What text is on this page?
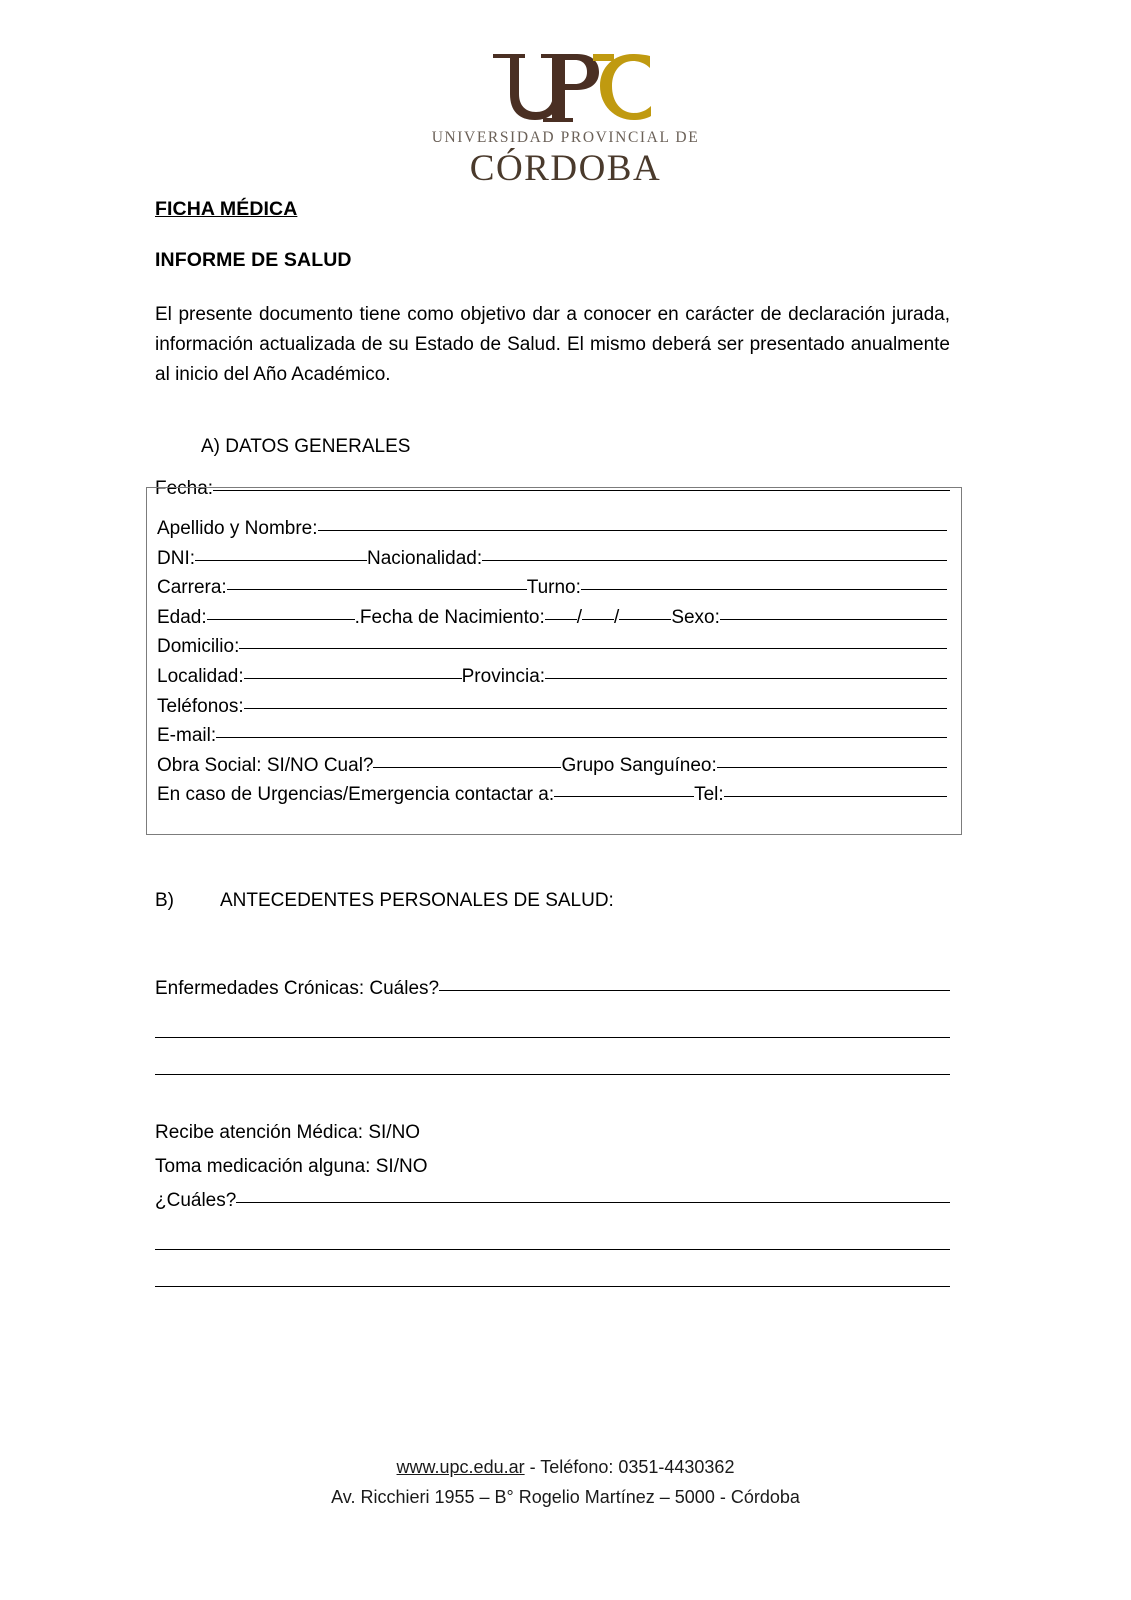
UNIVERSIDAD PROVINCIAL DE
CÓRDOBA
FICHA MÉDICA
INFORME DE SALUD

El presente documento tiene como objetivo dar a conocer en carácter de declaración jurada, información actualizada de su Estado de Salud. El mismo deberá ser presentado anualmente al inicio del Año Académico.

A) DATOS GENERALES
Fecha:
Apellido y Nombre:
DNI:	Nacionalidad:
Carrera:	Turno:
Edad:	.Fecha de Nacimiento: / /	Sexo:
Domicilio:
Localidad:	Provincia:
Teléfonos:
E-mail:
Obra Social: SI/NO Cual?	Grupo Sanguíneo:
En caso de Urgencias/Emergencia contactar a:	Tel:
B) ANTECEDENTES PERSONALES DE SALUD:
Enfermedades Crónicas: Cuáles?
Recibe atención Médica: SI/NO
Toma medicación alguna: SI/NO
¿Cuáles?
www.upc.edu.ar - Teléfono: 0351-4430362
Av. Ricchieri 1955 – B° Rogelio Martínez – 5000 - Córdoba
